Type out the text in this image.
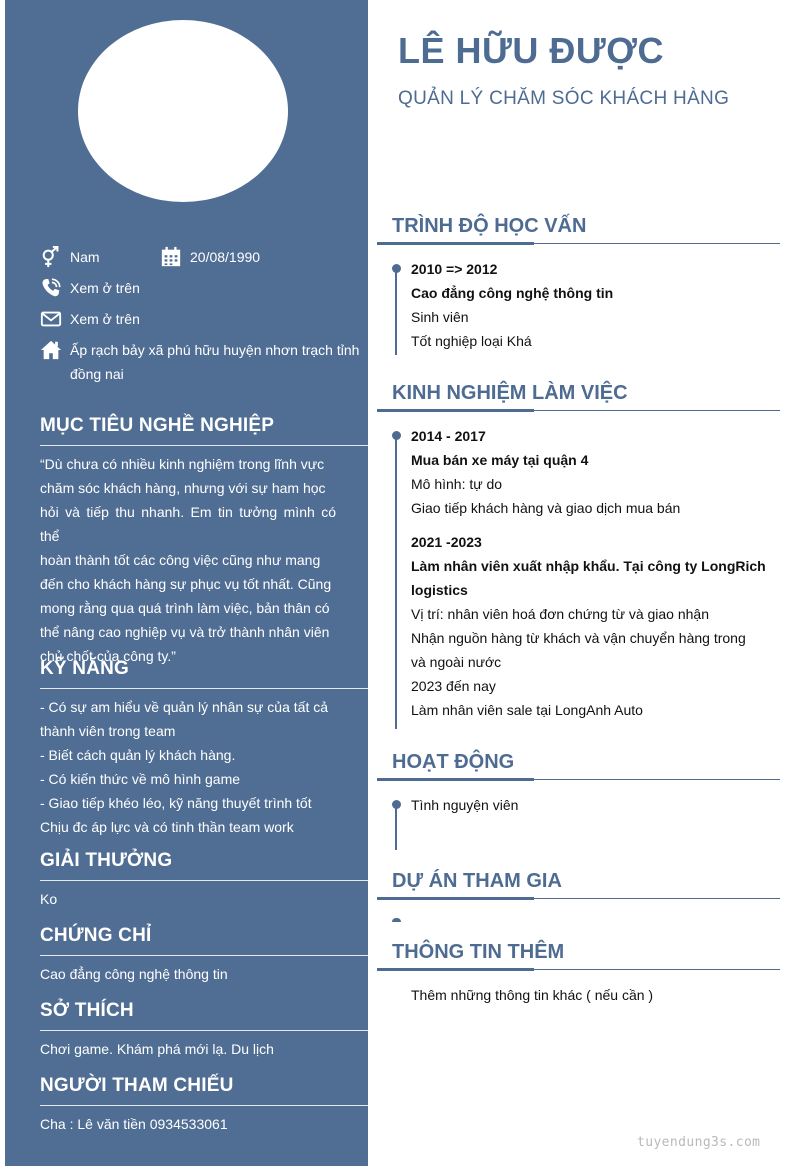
Nam	20/08/1990
Xem ở trên
Xem ở trên
Ấp rạch bảy xã phú hữu huyện nhơn trạch tỉnh
đồng nai
MỤC TIÊU NGHỀ NGHIỆP
“Dù chưa có nhiều kinh nghiệm trong lĩnh vực
chăm sóc khách hàng, nhưng với sự ham học
hỏi và tiếp thu nhanh. Em tin tưởng mình có thể
hoàn thành tốt các công việc cũng như mang
đến cho khách hàng sự phục vụ tốt nhất. Cũng
mong rằng qua quá trình làm việc, bản thân có
thể nâng cao nghiệp vụ và trở thành nhân viên
chủ chốt của công ty.”
KỸ NĂNG
- Có sự am hiểu về quản lý nhân sự của tất cả
thành viên trong team
- Biết cách quản lý khách hàng.
- Có kiến thức về mô hình game
- Giao tiếp khéo léo, kỹ năng thuyết trình tốt
Chịu đc áp lực và có tinh thần team work
GIẢI THƯỞNG
Ko
CHỨNG CHỈ
Cao đẳng công nghệ thông tin
SỞ THÍCH
Chơi game. Khám phá mới lạ. Du lịch
NGƯỜI THAM CHIẾU
Cha : Lê văn tiền 0934533061
LÊ HỮU ĐƯỢC
QUẢN LÝ CHĂM SÓC KHÁCH HÀNG
TRÌNH ĐỘ HỌC VẤN
2010 => 2012
Cao đẳng công nghệ thông tin
Sinh viên
Tốt nghiệp loại Khá
KINH NGHIỆM LÀM VIỆC
2014 - 2017
Mua bán xe máy tại quận 4
Mô hình: tự do
Giao tiếp khách hàng và giao dịch mua bán
2021 -2023
Làm nhân viên xuất nhập khẩu. Tại công ty LongRich
logistics
Vị trí: nhân viên hoá đơn chứng từ và giao nhận
Nhận nguồn hàng từ khách và vận chuyển hàng trong
và ngoài nước
2023 đến nay
Làm nhân viên sale tại LongAnh Auto
HOẠT ĐỘNG
Tình nguyện viên
DỰ ÁN THAM GIA
THÔNG TIN THÊM
Thêm những thông tin khác ( nếu cần )
tuyendung3s.com
